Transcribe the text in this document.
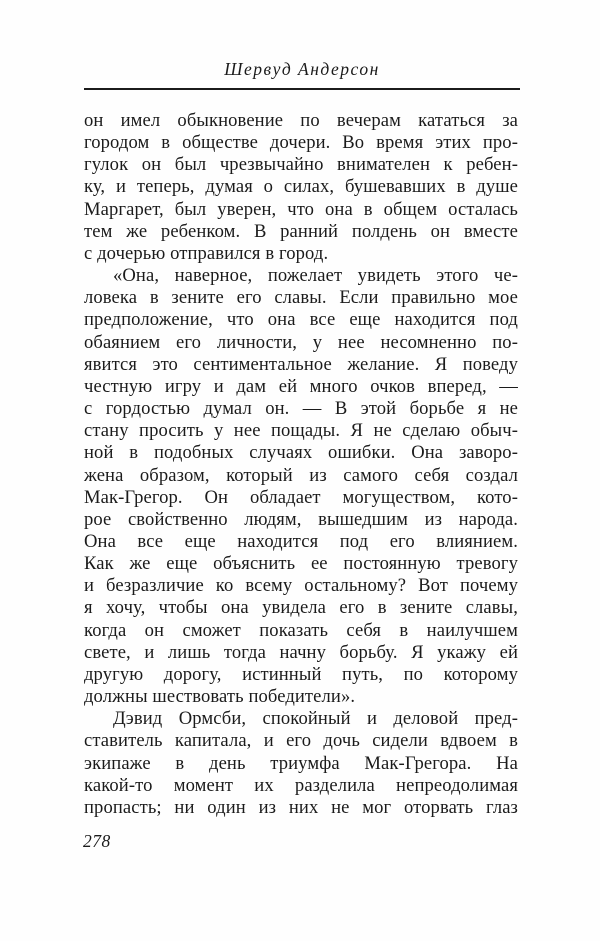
Шервуд Андерсон
он имел обыкновение по вечерам кататься за
городом в обществе дочери. Во время этих про-
гулок он был чрезвычайно внимателен к ребен-
ку, и теперь, думая о силах, бушевавших в душе
Маргарет, был уверен, что она в общем осталась
тем же ребенком. В ранний полдень он вместе
с дочерью отправился в город.
«Она, наверное, пожелает увидеть этого че-
ловека в зените его славы. Если правильно мое
предположение, что она все еще находится под
обаянием его личности, у нее несомненно по-
явится это сентиментальное желание. Я поведу
честную игру и дам ей много очков вперед, —
с гордостью думал он. — В этой борьбе я не
стану просить у нее пощады. Я не сделаю обыч-
ной в подобных случаях ошибки. Она заворо-
жена образом, который из самого себя создал
Мак-Грегор. Он обладает могуществом, кото-
рое свойственно людям, вышедшим из народа.
Она все еще находится под его влиянием.
Как же еще объяснить ее постоянную тревогу
и безразличие ко всему остальному? Вот почему
я хочу, чтобы она увидела его в зените славы,
когда он сможет показать себя в наилучшем
свете, и лишь тогда начну борьбу. Я укажу ей
другую дорогу, истинный путь, по которому
должны шествовать победители».
Дэвид Ормсби, спокойный и деловой пред-
ставитель капитала, и его дочь сидели вдвоем в
экипаже в день триумфа Мак-Грегора. На
какой-то момент их разделила непреодолимая
пропасть; ни один из них не мог оторвать глаз
278
